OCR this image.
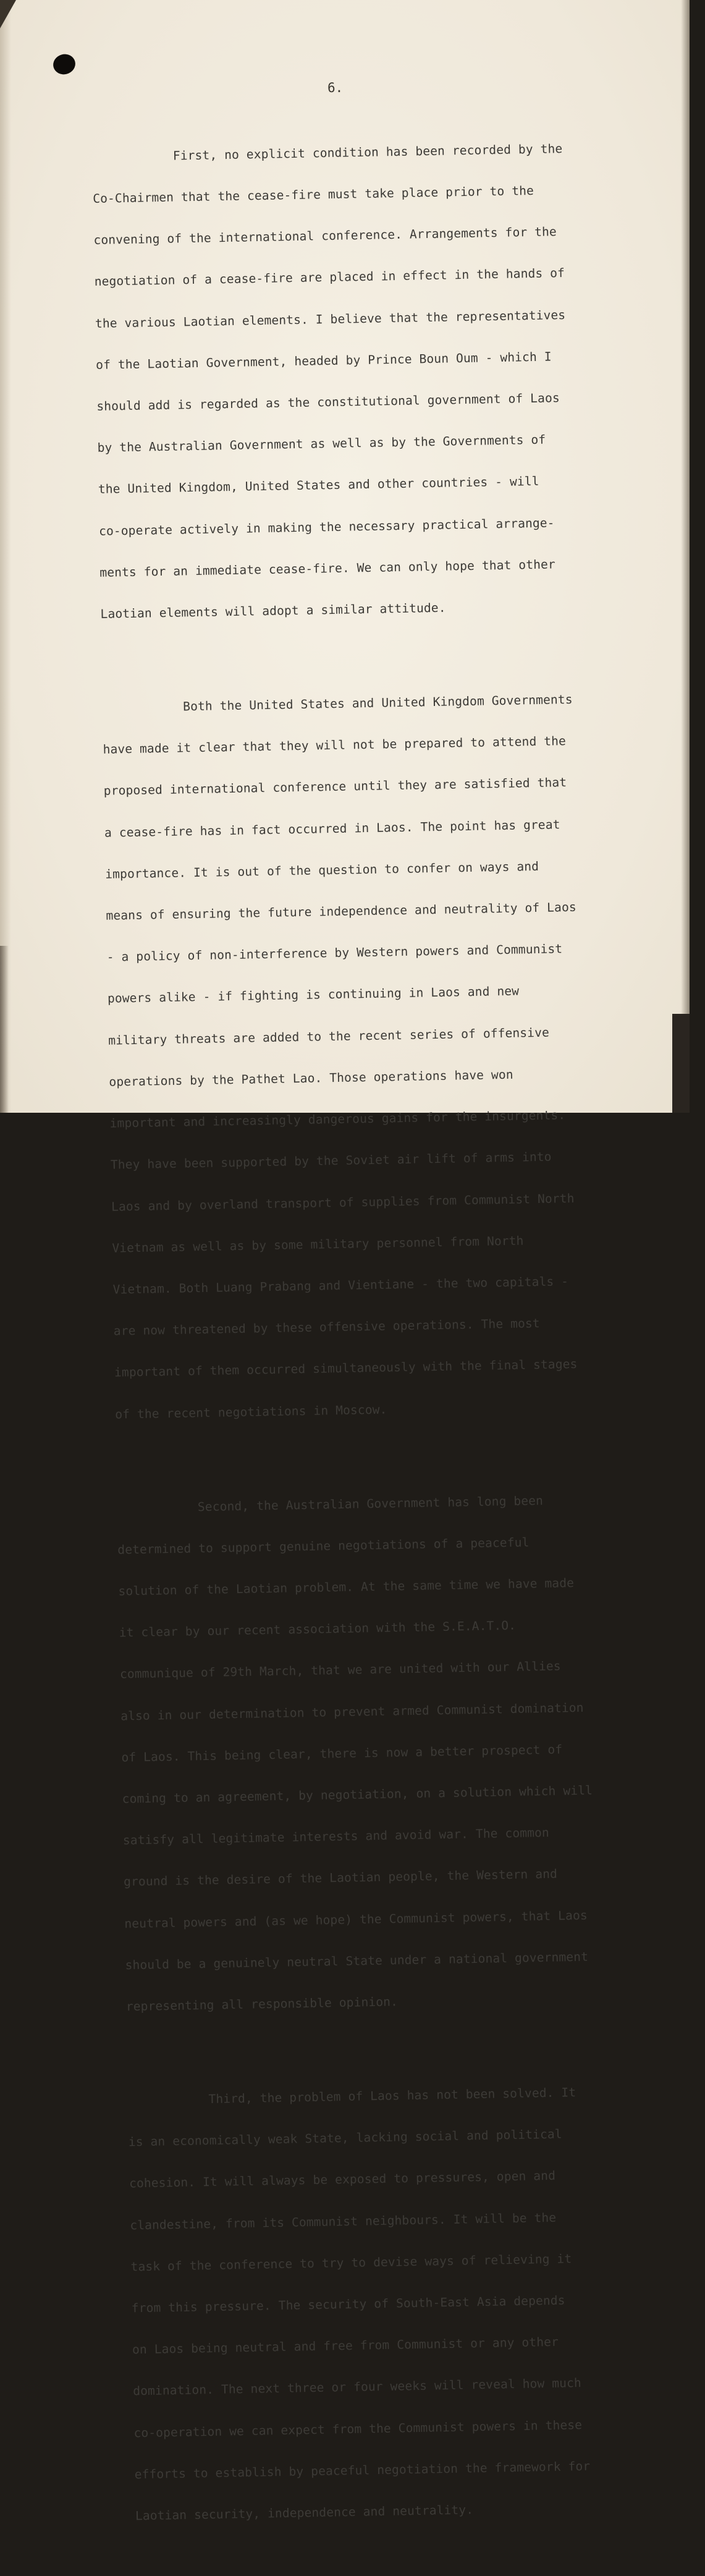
6.

First, no explicit condition has been recorded by the

Co-Chairmen that the cease-fire must take place prior to the

convening of the international conference. Arrangements for the

negotiation of a cease-fire are placed in effect in the hands of

the various Laotian elements. I believe that the representatives

of the Laotian Government, headed by Prince Boun Oum - which I

should add is regarded as the constitutional government of Laos

by the Australian Government as well as by the Governments of

the United Kingdom, United States and other countries - will

co-operate actively in making the necessary practical arrange-

ments for an immediate cease-fire. We can only hope that other

Laotian elements will adopt a similar attitude.

Both the United States and United Kingdom Governments

have made it clear that they will not be prepared to attend the

proposed international conference until they are satisfied that

a cease-fire has in fact occurred in Laos. The point has great

importance. It is out of the question to confer on ways and

means of ensuring the future independence and neutrality of Laos

- a policy of non-interference by Western powers and Communist

powers alike - if fighting is continuing in Laos and new

military threats are added to the recent series of offensive

operations by the Pathet Lao. Those operations have won

important and increasingly dangerous gains for the insurgents.

They have been supported by the Soviet air lift of arms into

Laos and by overland transport of supplies from Communist North

Vietnam as well as by some military personnel from North

Vietnam. Both Luang Prabang and Vientiane - the two capitals -

are now threatened by these offensive operations. The most

important of them occurred simultaneously with the final stages

of the recent negotiations in Moscow.

Second, the Australian Government has long been

determined to support genuine negotiations of a peaceful

solution of the Laotian problem. At the same time we have made

it clear by our recent association with the S.E.A.T.O.

communique of 29th March, that we are united with our Allies

also in our determination to prevent armed Communist domination

of Laos. This being clear, there is now a better prospect of

coming to an agreement, by negotiation, on a solution which will

satisfy all legitimate interests and avoid war. The common

ground is the desire of the Laotian people, the Western and

neutral powers and (as we hope) the Communist powers, that Laos

should be a genuinely neutral State under a national government

representing all responsible opinion.

Third, the problem of Laos has not been solved. It

is an economically weak State, lacking social and political

cohesion. It will always be exposed to pressures, open and

clandestine, from its Communist neighbours. It will be the

task of the conference to try to devise ways of relieving it

from this pressure. The security of South-East Asia depends

on Laos being neutral and free from Communist or any other

domination. The next three or four weeks will reveal how much

co-operation we can expect from the Communist powers in these

efforts to establish by peaceful negotiation the framework for

Laotian security, independence and neutrality.
